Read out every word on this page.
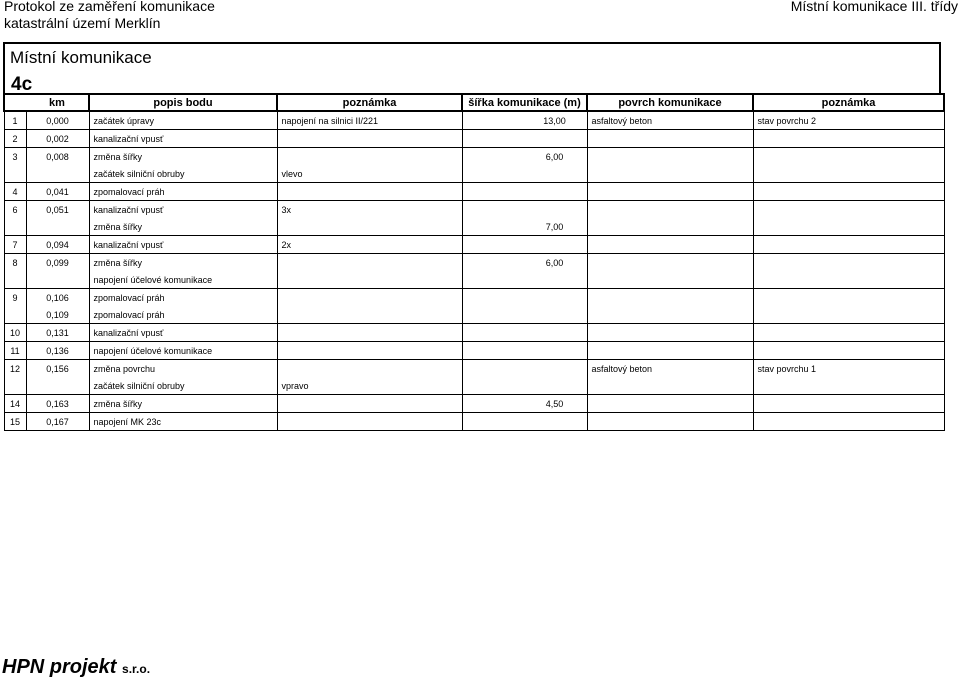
Protokol ze zaměření komunikace
katastrální území Merklín
Místní komunikace III. třídy
Místní komunikace
4c
	km	popis bodu	poznámka	šířka komunikace (m)	povrch komunikace	poznámka
1	0,000	začátek úpravy	napojení na silnici II/221	13,00	asfaltový beton	stav povrchu 2
2	0,002	kanalizační vpusť				
3	0,008	změna šířky		6,00		
		začátek silniční obruby	vlevo			
4	0,041	zpomalovací práh				
6	0,051	kanalizační vpusť	3x			
		změna šířky		7,00		
7	0,094	kanalizační vpusť	2x			
8	0,099	změna šířky		6,00		
		napojení účelové komunikace				
9	0,106	zpomalovací práh				
	0,109	zpomalovací práh				
10	0,131	kanalizační vpusť				
11	0,136	napojení účelové komunikace				
12	0,156	změna povrchu			asfaltový beton	stav povrchu 1
		začátek silniční obruby	vpravo			
14	0,163	změna šířky		4,50		
15	0,167	napojení MK 23c				
HPN projekt s.r.o.
